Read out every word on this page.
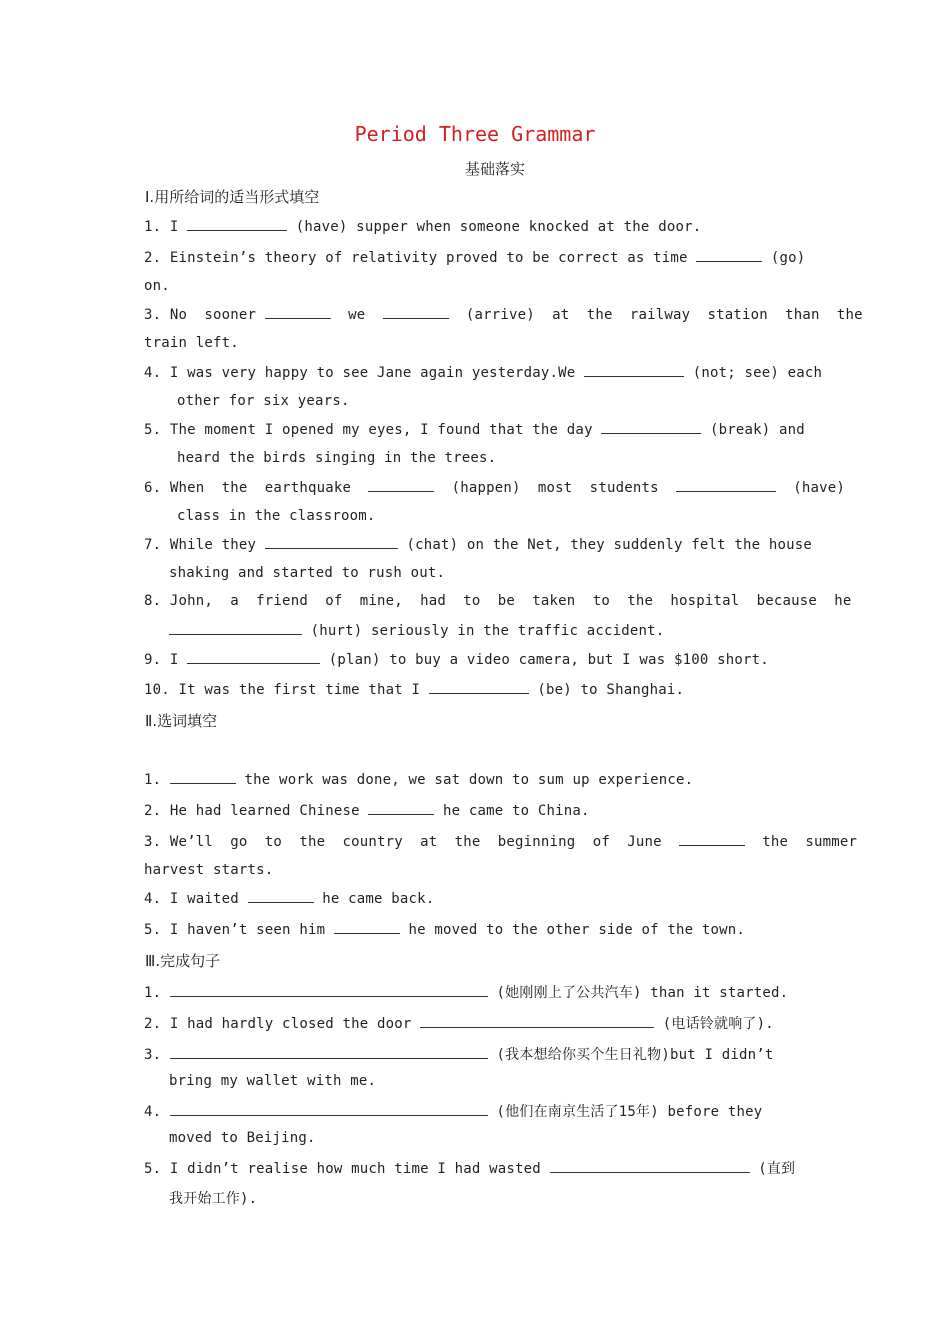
Period Three Grammar
基础落实
Ⅰ.用所给词的适当形式填空
1. I	(have) supper when someone knocked at the door.
2. Einstein’s theory of relativity proved to be correct as time	(go)
on.
3. No  sooner	we	(arrive)  at  the  railway  station  than  the
train left.
4. I was very happy to see Jane again yesterday.We	(not; see) each
other for six years.
5. The moment I opened my eyes, I found that the day	(break) and
heard the birds singing in the trees.
6. When  the  earthquake	(happen)  most  students	(have)
class in the classroom.
7. While they	(chat) on the Net, they suddenly felt the house
shaking and started to rush out.
8. John,  a  friend  of  mine,  had  to  be  taken  to  the  hospital  because  he
(hurt) seriously in the traffic accident.
9. I	(plan) to buy a video camera, but I was $100 short.
10. It was the first time that I	(be) to Shanghai.
Ⅱ.选词填空
1.	the work was done, we sat down to sum up experience.
2. He had learned Chinese	he came to China.
3. We’ll  go  to  the  country  at  the  beginning  of  June	the  summer
harvest starts.
4. I waited	he came back.
5. I haven’t seen him	he moved to the other side of the town.
Ⅲ.完成句子
1.	(她刚刚上了公共汽车) than it started.
2. I had hardly closed the door	(电话铃就响了).
3.	(我本想给你买个生日礼物)but I didn’t
bring my wallet with me.
4.	(他们在南京生活了15年) before they
moved to Beijing.
5. I didn’t realise how much time I had wasted	(直到
我开始工作).
